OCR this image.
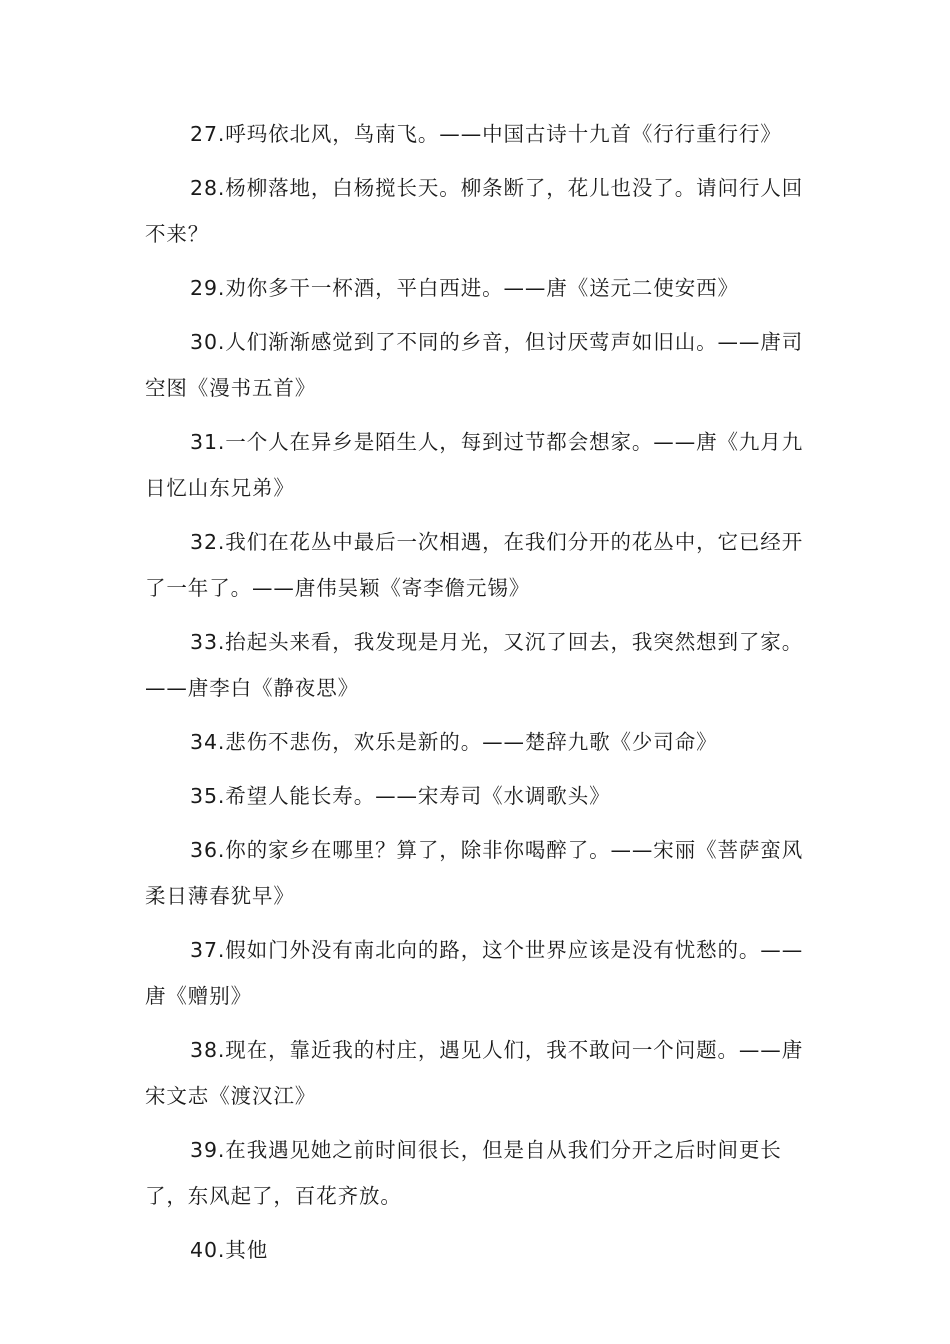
27.呼玛依北风，鸟南飞。——中国古诗十九首《行行重行行》

28.杨柳落地，白杨搅长天。柳条断了，花儿也没了。请问行人回不来？

29.劝你多干一杯酒，平白西进。——唐《送元二使安西》

30.人们渐渐感觉到了不同的乡音，但讨厌莺声如旧山。——唐司空图《漫书五首》

31.一个人在异乡是陌生人，每到过节都会想家。——唐《九月九日忆山东兄弟》

32.我们在花丛中最后一次相遇，在我们分开的花丛中，它已经开了一年了。——唐伟吴颖《寄李儋元锡》

33.抬起头来看，我发现是月光，又沉了回去，我突然想到了家。——唐李白《静夜思》

34.悲伤不悲伤，欢乐是新的。——楚辞九歌《少司命》

35.希望人能长寿。——宋寿司《水调歌头》

36.你的家乡在哪里？算了，除非你喝醉了。——宋丽《菩萨蛮风柔日薄春犹早》

37.假如门外没有南北向的路，这个世界应该是没有忧愁的。——唐《赠别》

38.现在，靠近我的村庄，遇见人们，我不敢问一个问题。——唐宋文志《渡汉江》

39.在我遇见她之前时间很长，但是自从我们分开之后时间更长了，东风起了，百花齐放。

40.其他
